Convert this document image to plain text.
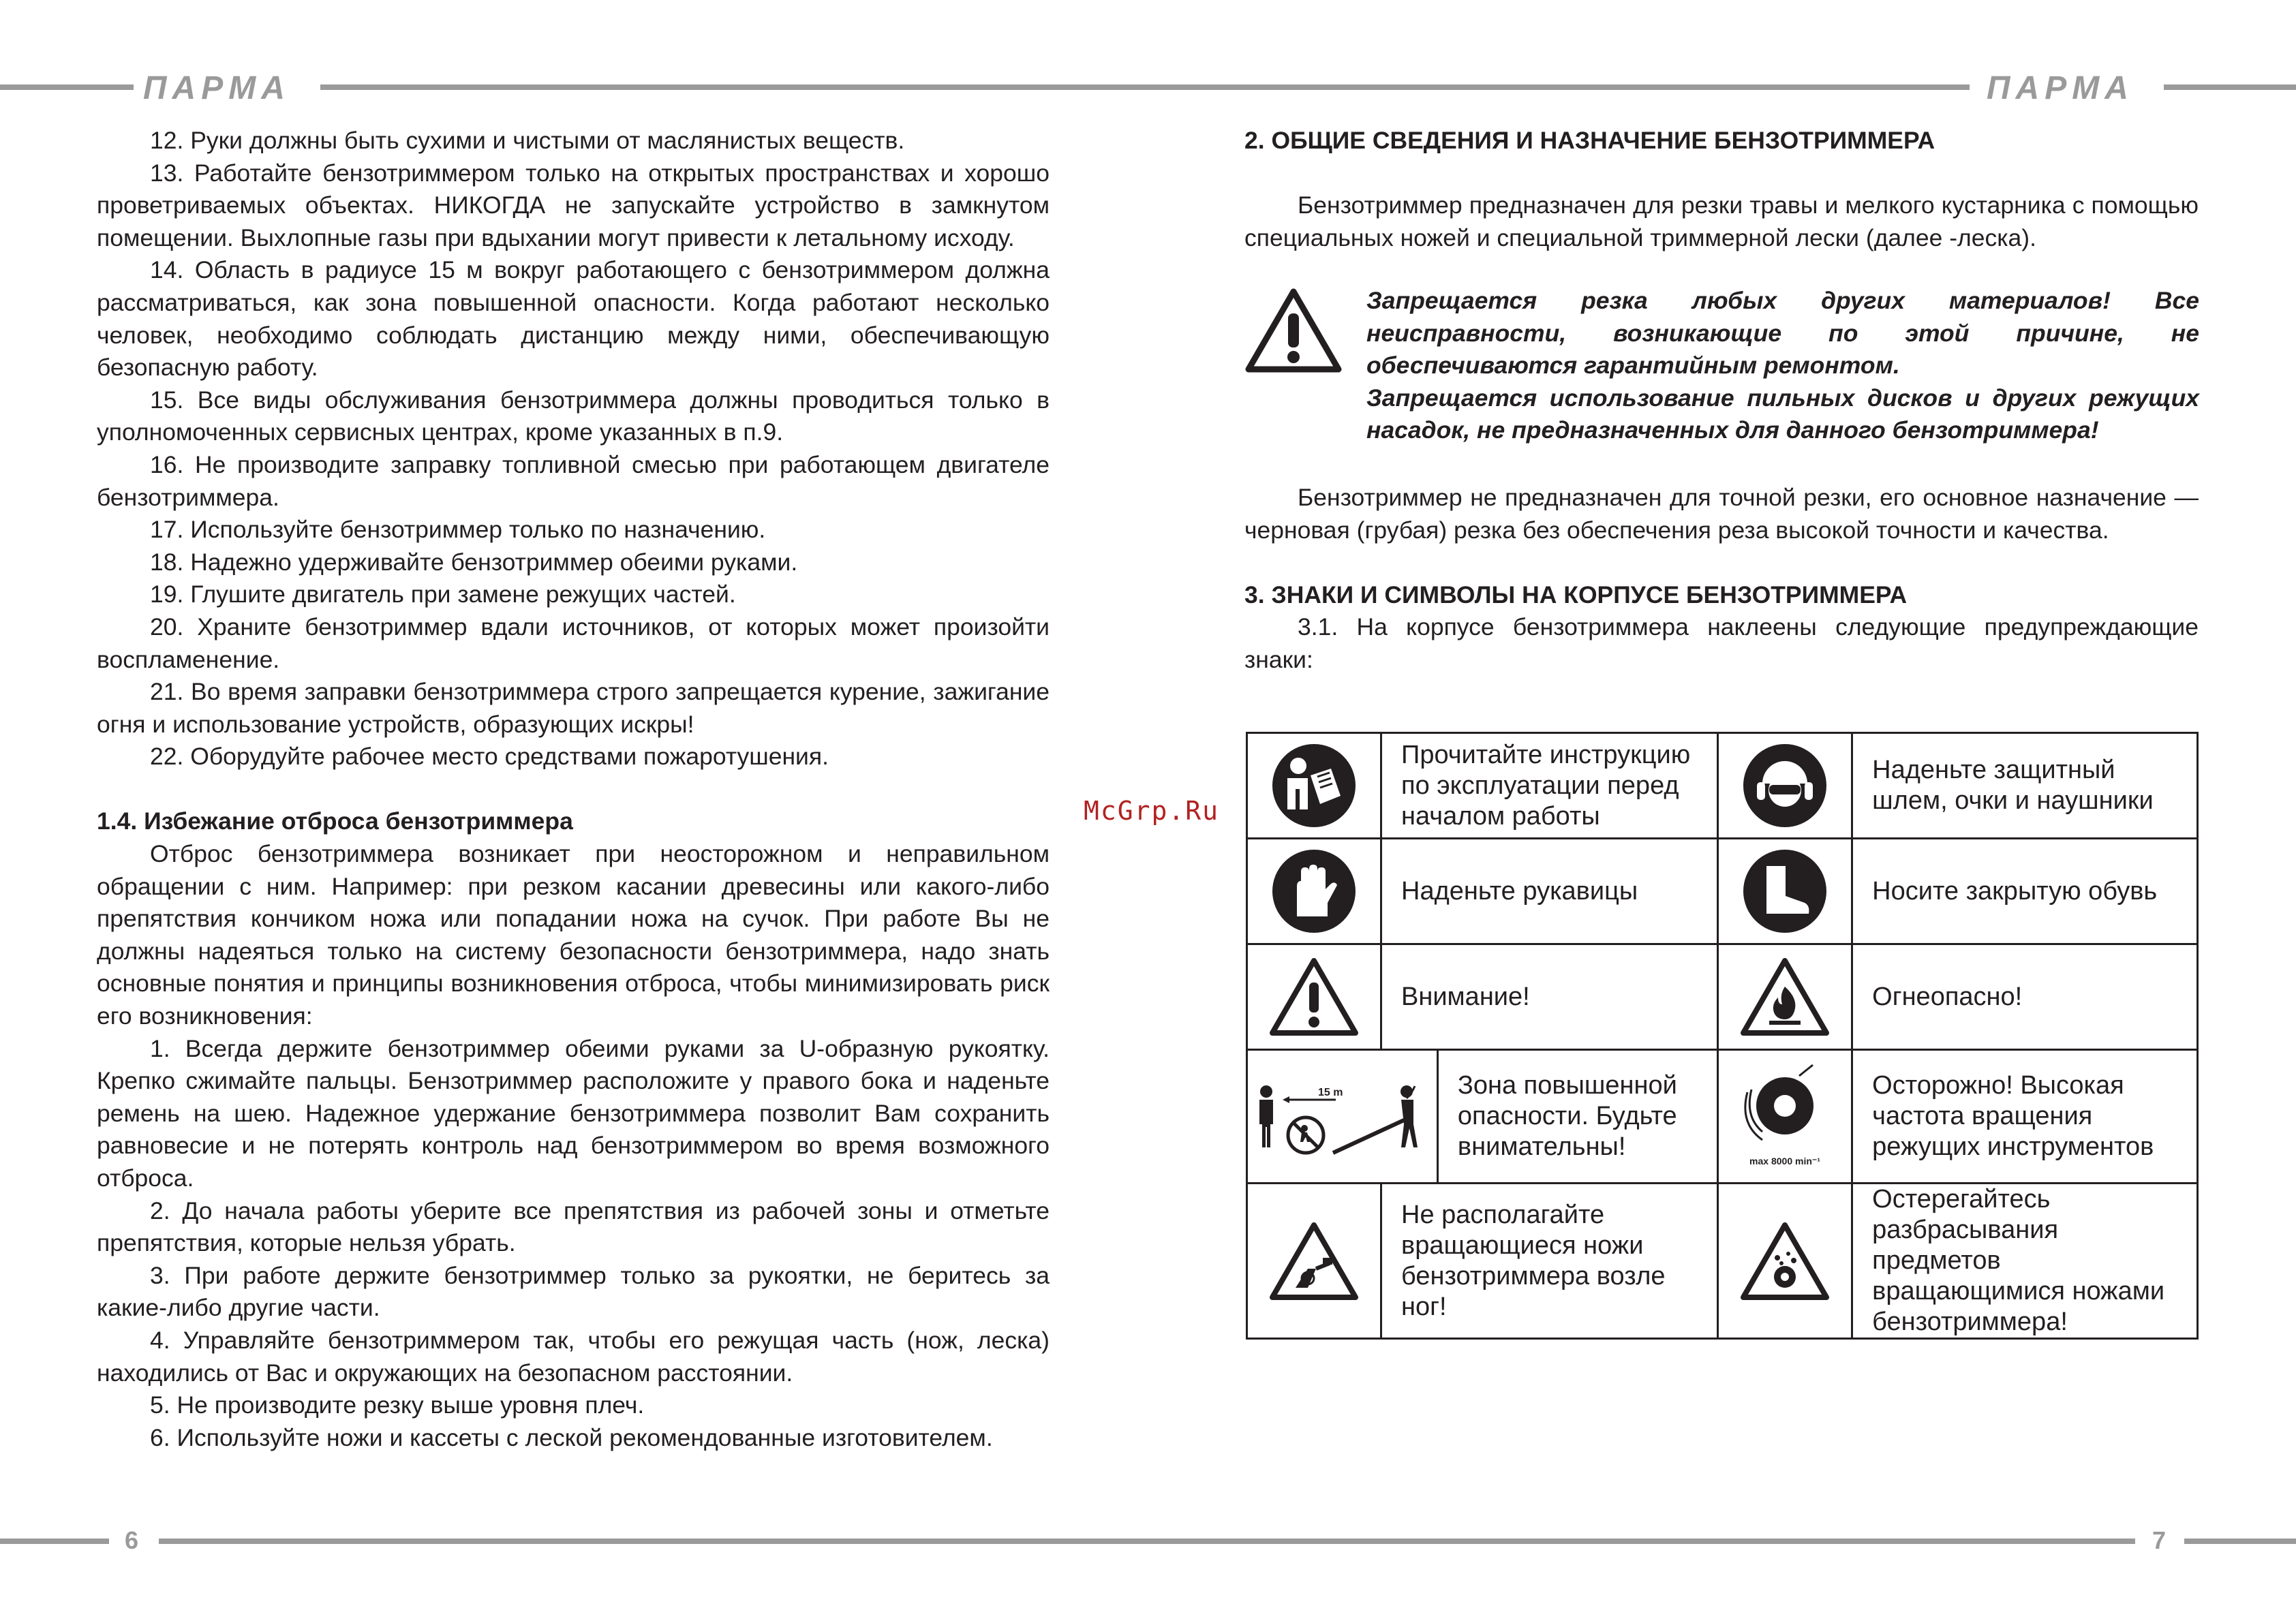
ПАРМА	ПАРМА
6	7
McGrp.Ru

12. Руки должны быть сухими и чистыми от маслянистых веществ.

13. Работайте бензотриммером только на открытых пространствах и хорошо проветриваемых объектах. НИКОГДА не запускайте устройство в замкнутом помещении. Выхлопные газы при вдыхании могут привести к летальному исходу.

14. Область в радиусе 15 м вокруг работающего с бензотриммером должна рассматриваться, как зона повышенной опасности. Когда работают несколько человек, необходимо соблюдать дистанцию между ними, обеспечивающую безопасную работу.

15. Все виды обслуживания бензотриммера должны проводиться только в уполномоченных сервисных центрах, кроме указанных в п.9.

16. Не производите заправку топливной смесью при работающем двигателе бензотриммера.

17. Используйте бензотриммер только по назначению.

18. Надежно удерживайте бензотриммер обеими руками.

19. Глушите двигатель при замене режущих частей.

20. Храните бензотриммер вдали источников, от которых может произойти воспламенение.

21. Во время заправки бензотриммера строго запрещается курение, зажигание огня и использование устройств, образующих искры!

22. Оборудуйте рабочее место средствами пожаротушения.

1.4. Избежание отброса бензотриммера

Отброс бензотриммера возникает при неосторожном и неправильном обращении с ним. Например: при резком касании древесины или какого-либо препятствия кончиком ножа или попадании ножа на сучок. При работе Вы не должны надеяться только на систему безопасности бензотриммера, надо знать основные понятия и принципы возникновения отброса, чтобы минимизировать риск его возникновения:

1. Всегда держите бензотриммер обеими руками за U-образную рукоятку. Крепко сжимайте пальцы. Бензотриммер расположите у правого бока и наденьте ремень на шею. Надежное удержание бензотриммера позволит Вам сохранить равновесие и не потерять контроль над бензотриммером во время возможного отброса.

2. До начала работы уберите все препятствия из рабочей зоны и отметьте препятствия, которые нельзя убрать.

3. При работе держите бензотриммер только за рукоятки, не беритесь за какие-либо другие части.

4. Управляйте бензотриммером так, чтобы его режущая часть (нож, леска) находились от Вас и окружающих на безопасном расстоянии.

5. Не производите резку выше уровня плеч.

6. Используйте ножи и кассеты с леской рекомендованные изготовителем.

2. ОБЩИЕ СВЕДЕНИЯ И НАЗНАЧЕНИЕ БЕНЗОТРИММЕРА

Бензотриммер предназначен для резки травы и мелкого кустарника с помощью специальных ножей и специальной триммерной лески (далее -леска).

Запрещается резка любых других материалов! Все неисправности, возникающие по этой причине, не обеспечиваются гарантийным ремонтом.
Запрещается использование пильных дисков и других режущих насадок, не предназначенных для данного бензотриммера!

Бензотриммер не предназначен для точной резки, его основное назначение — черновая (грубая) резка без обеспечения реза высокой точности и качества.

3. ЗНАКИ И СИМВОЛЫ НА КОРПУСЕ БЕНЗОТРИММЕРА

3.1. На корпусе бензотриммера наклеены следующие предупреждающие знаки:

	Прочитайте инструкцию по эксплуатации перед началом работы			Наденьте защитный шлем, очки и наушники

	Наденьте рукавицы			Носите закрытую обувь

	Внимание!			Огнеопасно!

15 m		Зона повышенной опасности. Будьте внимательны!	max 8000 min⁻¹	Осторожно! Высокая частота вращения режущих инструментов

	Не располагайте вращающиеся ножи бензотриммера возле ног!			Остерегайтесь разбрасывания предметов вращающимися ножами бензотриммера!
